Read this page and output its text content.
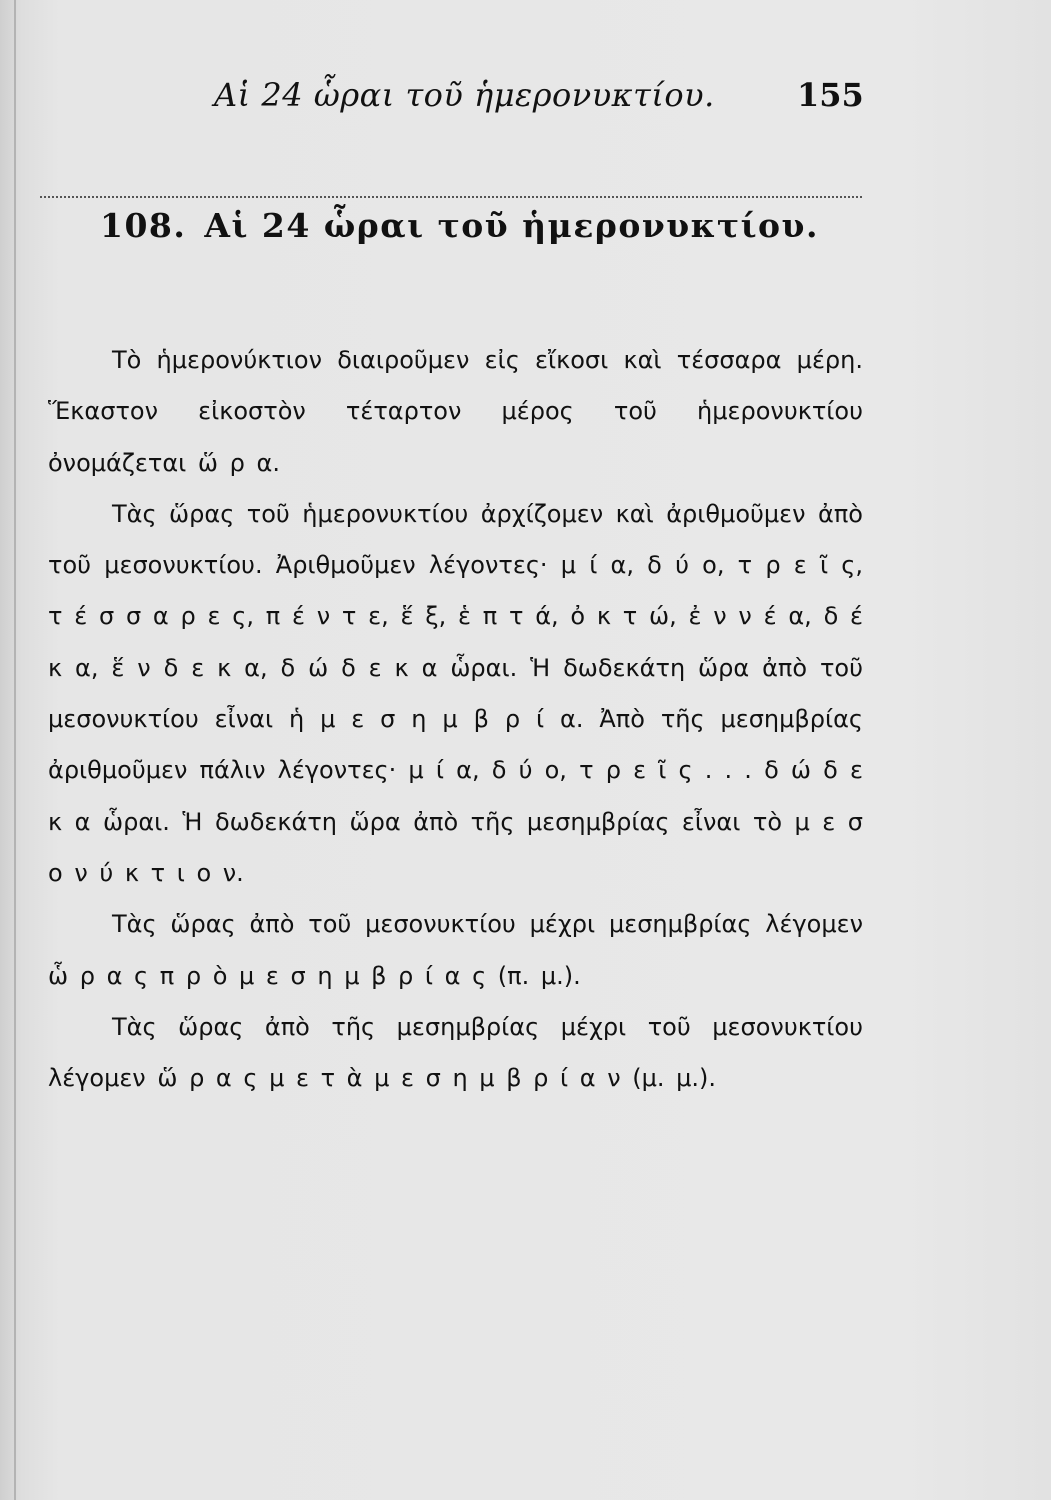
Αἱ 24 ὧραι τοῦ ἡμερονυκτίου.	155
108. Αἱ 24 ὧραι τοῦ ἡμερονυκτίου.

Τὸ ἡμερονύκτιον διαιροῦμεν εἰς εἴκοσι καὶ τέσσαρα μέρη. Ἕκαστον εἰκοστὸν τέταρτον μέρος τοῦ ἡμερονυκτίου ὀνομάζεται ὥ ρ α.

Τὰς ὥρας τοῦ ἡμερονυκτίου ἀρχίζομεν καὶ ἀριθμοῦμεν ἀπὸ τοῦ μεσονυκτίου. Ἀριθμοῦμεν λέγοντες· μ ί α, δ ύ ο, τ ρ ε ῖ ς, τ έ σ σ α ρ ε ς, π έ ν τ ε, ἕ ξ, ἑ π τ ά, ὀ κ τ ώ, ἐ ν ν έ α, δ έ κ α, ἕ ν δ ε κ α, δ ώ δ ε κ α ὧραι. Ἡ δωδεκάτη ὥρα ἀπὸ τοῦ μεσονυκτίου εἶναι ἡ μ ε σ η μ β ρ ί α. Ἀπὸ τῆς μεσημβρίας ἀριθμοῦμεν πάλιν λέγοντες· μ ί α, δ ύ ο, τ ρ ε ῖ ς . . . δ ώ δ ε κ α ὧραι. Ἡ δωδεκάτη ὥρα ἀπὸ τῆς μεσημβρίας εἶναι τὸ μ ε σ ο ν ύ κ τ ι ο ν.

Τὰς ὥρας ἀπὸ τοῦ μεσονυκτίου μέχρι μεσημβρίας λέγομεν ὧ ρ α ς π ρ ὸ μ ε σ η μ β ρ ί α ς (π. μ.).

Τὰς ὥρας ἀπὸ τῆς μεσημβρίας μέχρι τοῦ μεσονυκτίου λέγομεν ὥ ρ α ς μ ε τ ὰ μ ε σ η μ β ρ ί α ν (μ. μ.).
